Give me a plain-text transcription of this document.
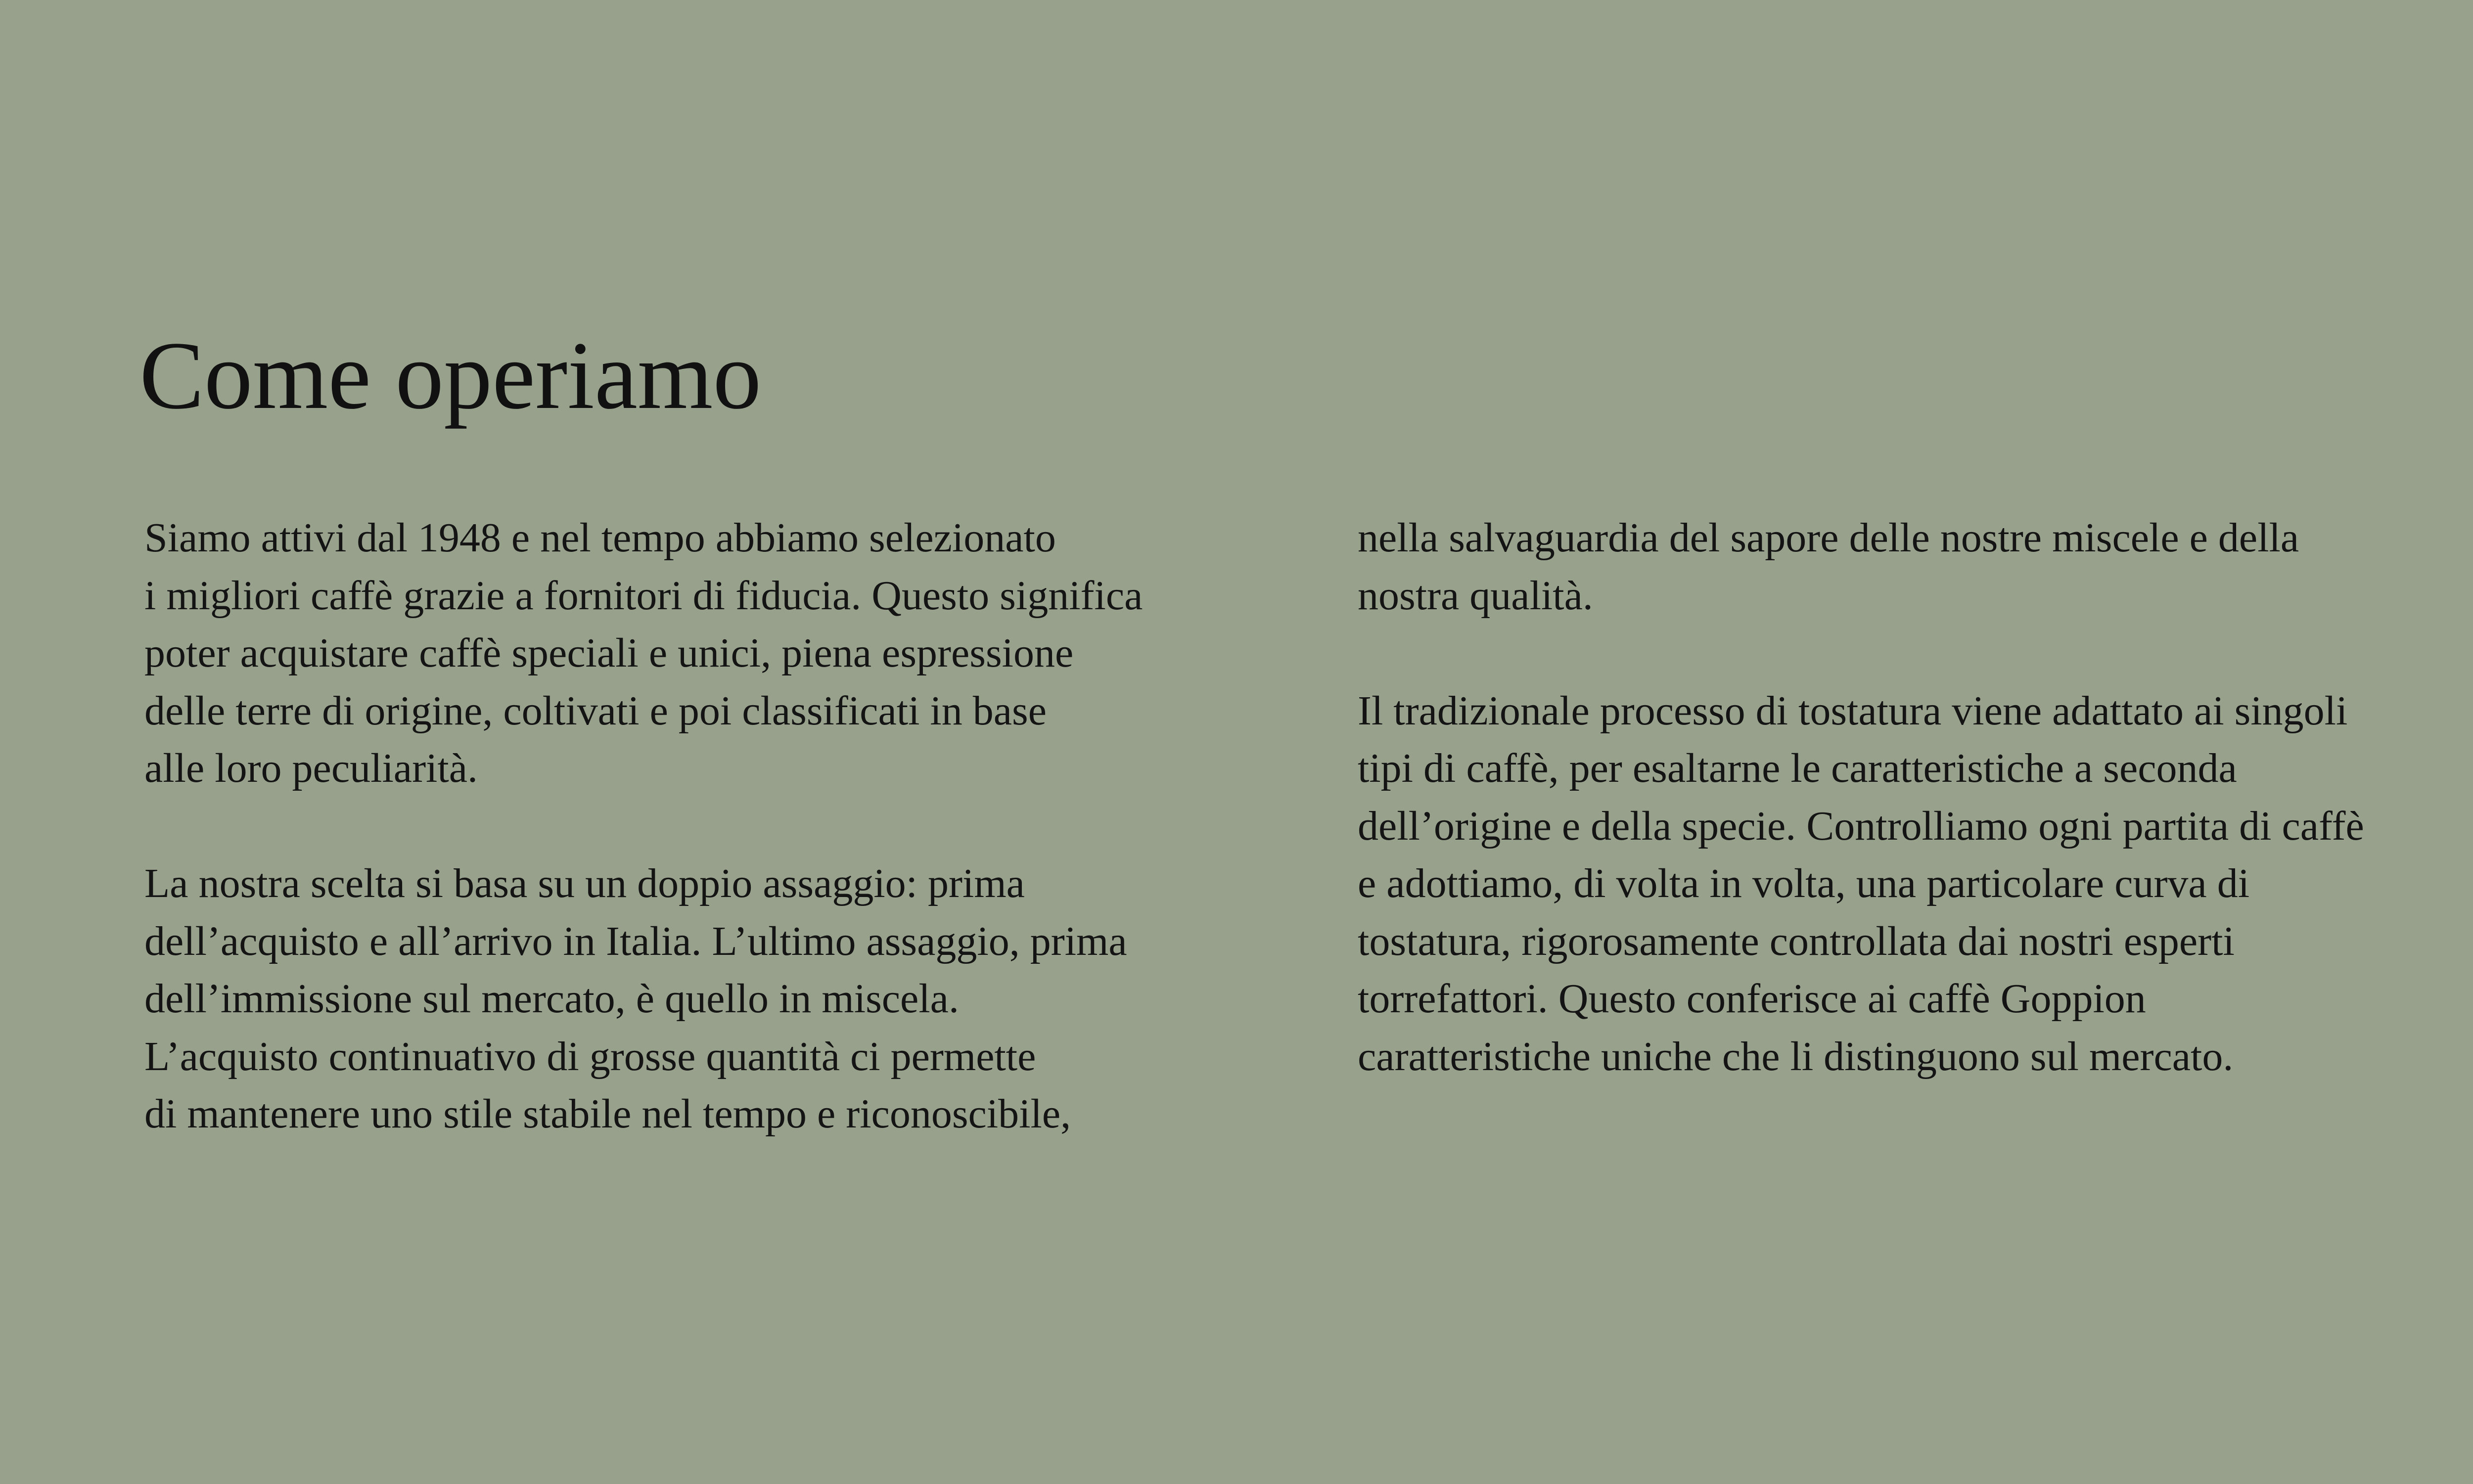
Come operiamo
Siamo attivi dal 1948 e nel tempo abbiamo selezionato
i migliori caffè grazie a fornitori di fiducia. Questo significa
poter acquistare caffè speciali e unici, piena espressione
delle terre di origine, coltivati e poi classificati in base
alle loro peculiarità.
La nostra scelta si basa su un doppio assaggio: prima
dell’acquisto e all’arrivo in Italia. L’ultimo assaggio, prima
dell’immissione sul mercato, è quello in miscela.
L’acquisto continuativo di grosse quantità ci permette
di mantenere uno stile stabile nel tempo e riconoscibile,
nella salvaguardia del sapore delle nostre miscele e della
nostra qualità.
Il tradizionale processo di tostatura viene adattato ai singoli
tipi di caffè, per esaltarne le caratteristiche a seconda
dell’origine e della specie. Controlliamo ogni partita di caffè
e adottiamo, di volta in volta, una particolare curva di
tostatura, rigorosamente controllata dai nostri esperti
torrefattori. Questo conferisce ai caffè Goppion
caratteristiche uniche che li distinguono sul mercato.
